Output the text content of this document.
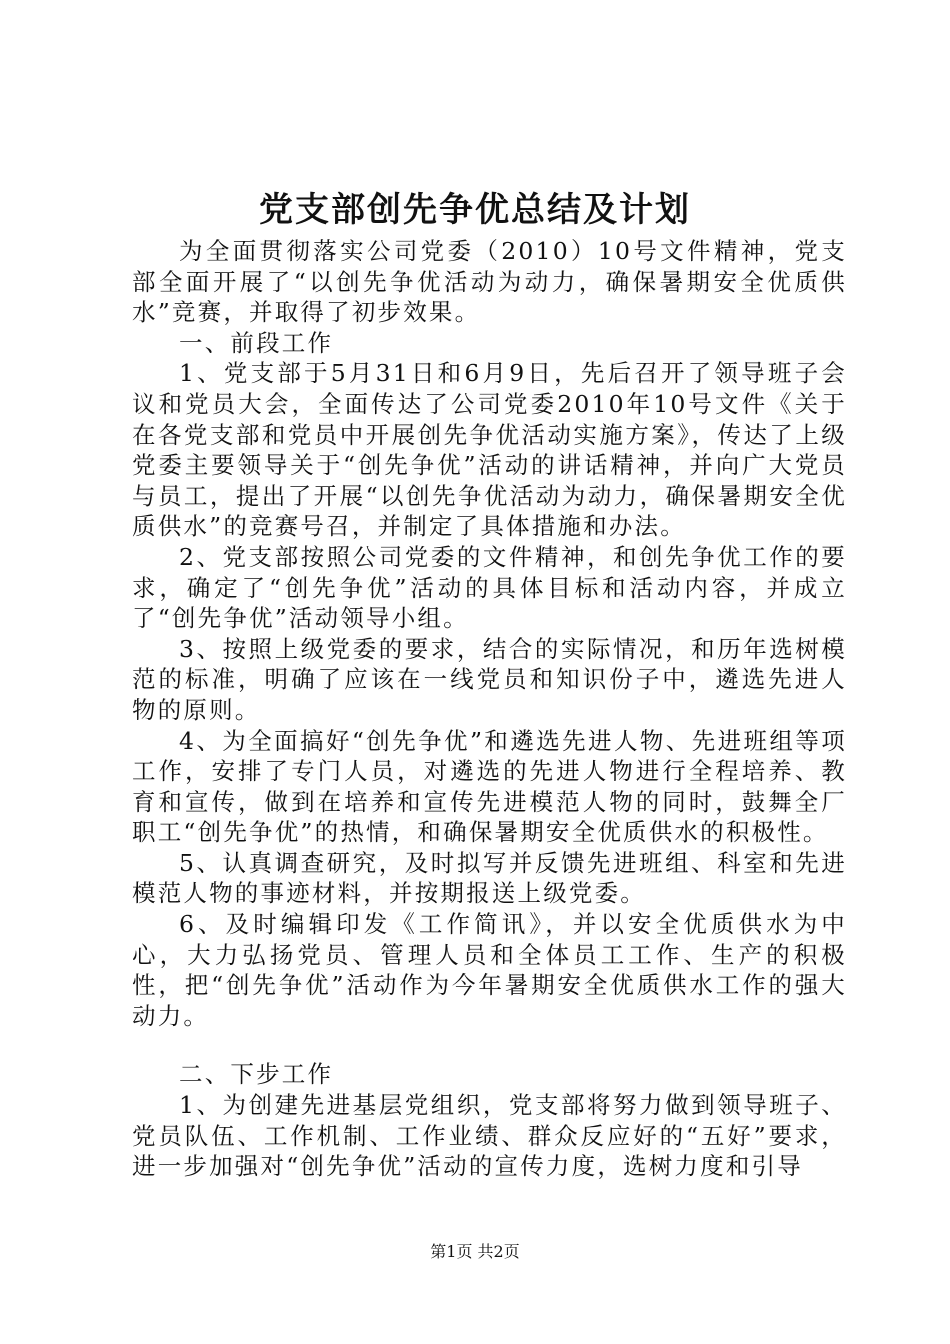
党支部创先争优总结及计划

为全面贯彻落实公司党委（2010）10号文件精神，党支部全面开展了“以创先争优活动为动力，确保暑期安全优质供水”竞赛，并取得了初步效果。

一、前段工作

1、党支部于5月31日和6月9日，先后召开了领导班子会议和党员大会，全面传达了公司党委2010年10号文件《关于在各党支部和党员中开展创先争优活动实施方案》，传达了上级党委主要领导关于“创先争优”活动的讲话精神，并向广大党员与员工，提出了开展“以创先争优活动为动力，确保暑期安全优质供水”的竞赛号召，并制定了具体措施和办法。

2、党支部按照公司党委的文件精神，和创先争优工作的要求，确定了“创先争优”活动的具体目标和活动内容，并成立了“创先争优”活动领导小组。

3、按照上级党委的要求，结合的实际情况，和历年选树模范的标准，明确了应该在一线党员和知识份子中，遴选先进人物的原则。

4、为全面搞好“创先争优”和遴选先进人物、先进班组等项工作，安排了专门人员，对遴选的先进人物进行全程培养、教育和宣传，做到在培养和宣传先进模范人物的同时，鼓舞全厂职工“创先争优”的热情，和确保暑期安全优质供水的积极性。

5、认真调查研究，及时拟写并反馈先进班组、科室和先进模范人物的事迹材料，并按期报送上级党委。

6、及时编辑印发《工作简讯》，并以安全优质供水为中心，大力弘扬党员、管理人员和全体员工工作、生产的积极性，把“创先争优”活动作为今年暑期安全优质供水工作的强大动力。

二、下步工作

1、为创建先进基层党组织，党支部将努力做到领导班子、党员队伍、工作机制、工作业绩、群众反应好的“五好”要求，进一步加强对“创先争优”活动的宣传力度，选树力度和引导

第1页 共2页
